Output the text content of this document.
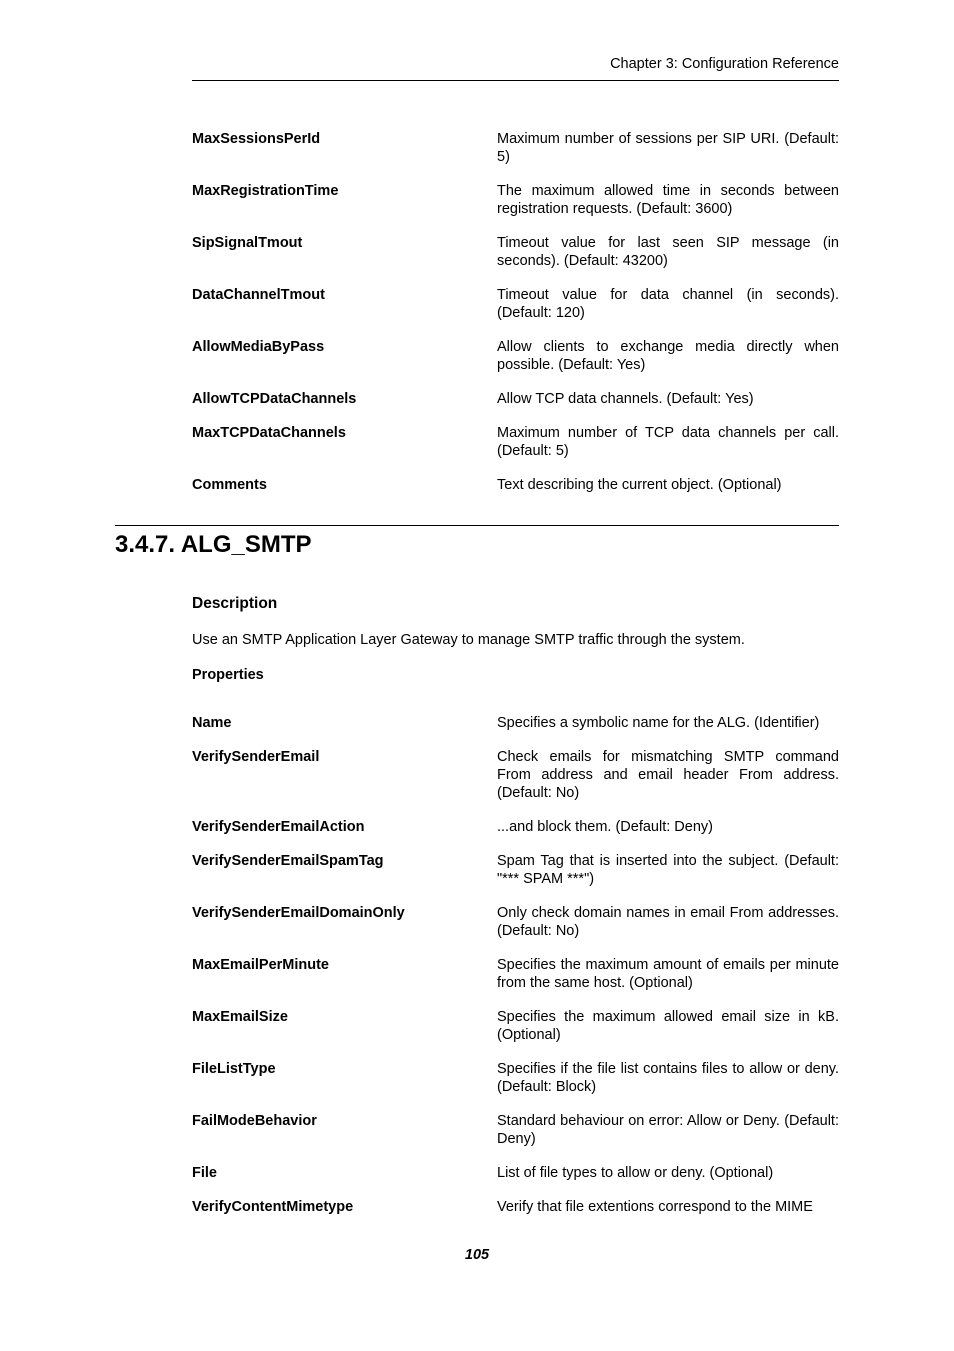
Chapter 3: Configuration Reference
MaxSessionsPerId	Maximum number of sessions per SIP URI. (Default: 5)
MaxRegistrationTime	The maximum allowed time in seconds between registration requests. (Default: 3600)
SipSignalTmout	Timeout value for last seen SIP message (in seconds). (Default: 43200)
DataChannelTmout	Timeout value for data channel (in seconds). (Default: 120)
AllowMediaByPass	Allow clients to exchange media directly when possible. (Default: Yes)
AllowTCPDataChannels	Allow TCP data channels. (Default: Yes)
MaxTCPDataChannels	Maximum number of TCP data channels per call. (Default: 5)
Comments	Text describing the current object. (Optional)
3.4.7. ALG_SMTP
Description
Use an SMTP Application Layer Gateway to manage SMTP traffic through the system.
Properties
Name	Specifies a symbolic name for the ALG. (Identifier)
VerifySenderEmail	Check emails for mismatching SMTP command From address and email header From address. (Default: No)
VerifySenderEmailAction	...and block them. (Default: Deny)
VerifySenderEmailSpamTag	Spam Tag that is inserted into the subject. (Default: "*** SPAM ***")
VerifySenderEmailDomainOnly	Only check domain names in email From addresses. (Default: No)
MaxEmailPerMinute	Specifies the maximum amount of emails per minute from the same host. (Optional)
MaxEmailSize	Specifies the maximum allowed email size in kB. (Optional)
FileListType	Specifies if the file list contains files to allow or deny. (Default: Block)
FailModeBehavior	Standard behaviour on error: Allow or Deny. (Default: Deny)
File	List of file types to allow or deny. (Optional)
VerifyContentMimetype	Verify that file extentions correspond to the MIME
105
